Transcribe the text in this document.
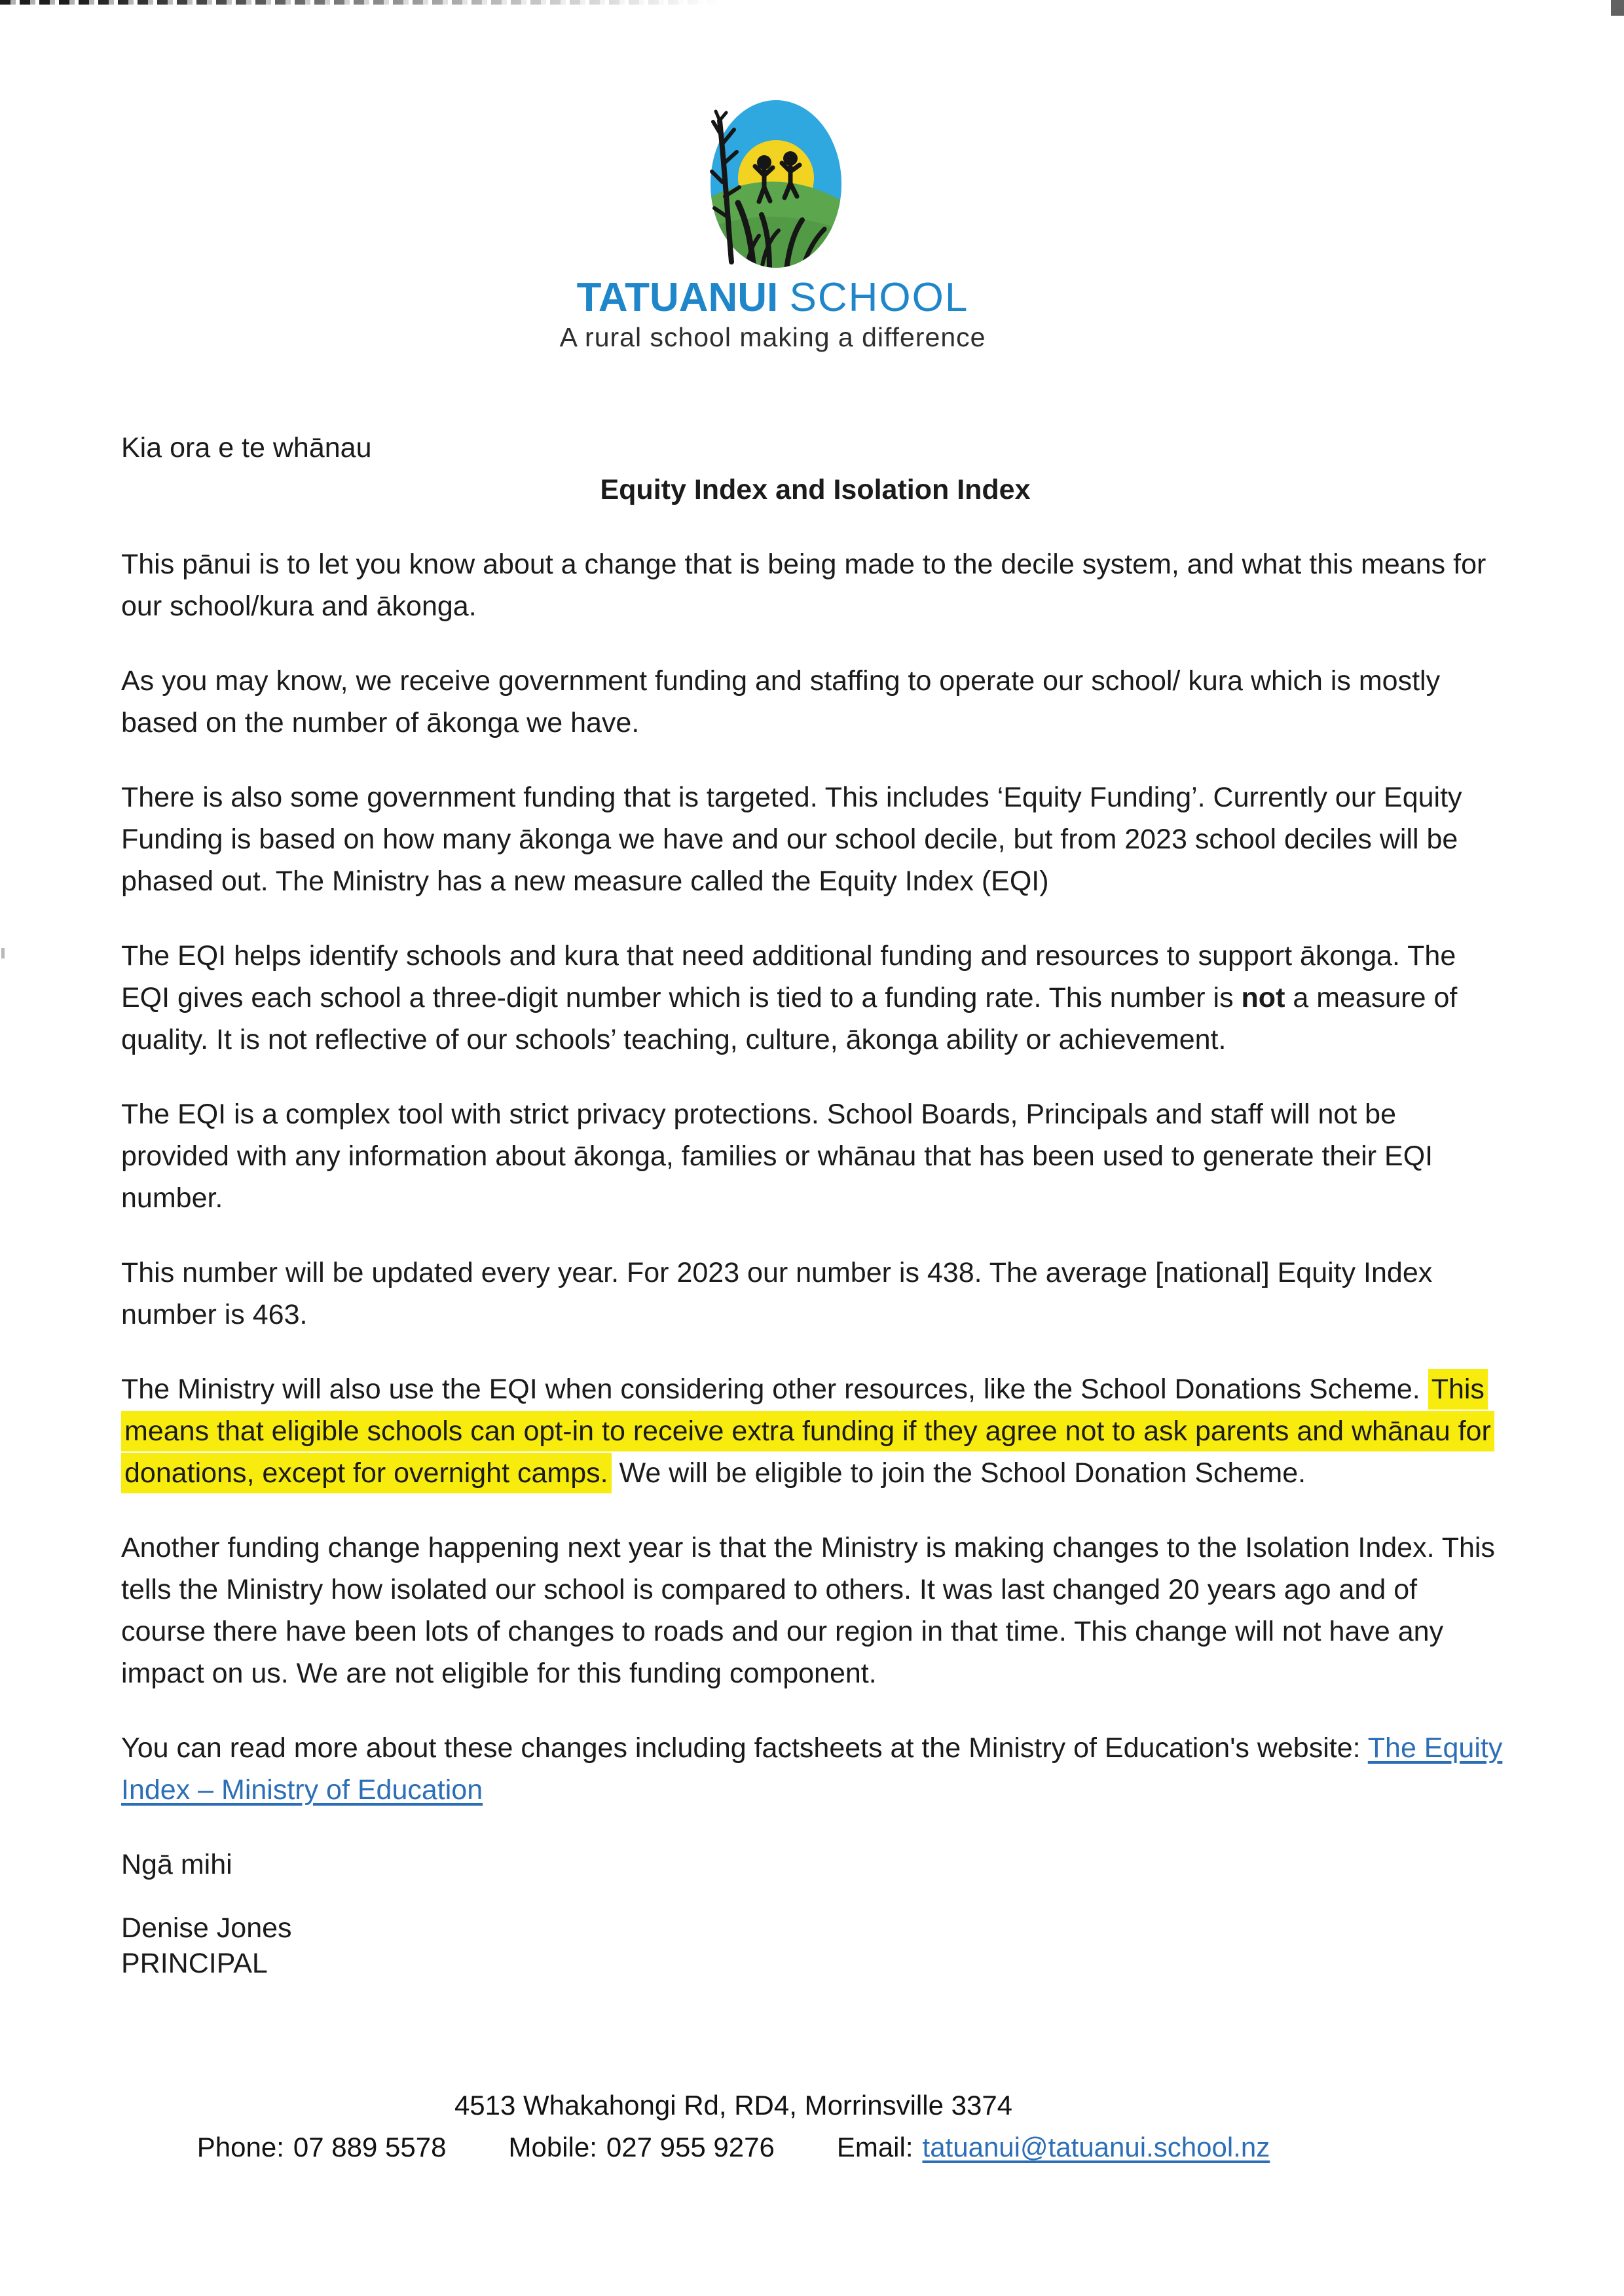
TATUANUI SCHOOL
A rural school making a difference

Kia ora e te whānau

Equity Index and Isolation Index

This pānui is to let you know about a change that is being made to the decile system, and what this means for our school/kura and ākonga.

As you may know, we receive government funding and staffing to operate our school/ kura which is mostly based on the number of ākonga we have.

There is also some government funding that is targeted. This includes ‘Equity Funding’. Currently our Equity Funding is based on how many ākonga we have and our school decile, but from 2023 school deciles will be phased out. The Ministry has a new measure called the Equity Index (EQI)

The EQI helps identify schools and kura that need additional funding and resources to support ākonga. The EQI gives each school a three-digit number which is tied to a funding rate. This number is not a measure of quality. It is not reflective of our schools’ teaching, culture, ākonga ability or achievement.

The EQI is a complex tool with strict privacy protections. School Boards, Principals and staff will not be provided with any information about ākonga, families or whānau that has been used to generate their EQI number.

This number will be updated every year. For 2023 our number is 438. The average [national] Equity Index number is 463.

The Ministry will also use the EQI when considering other resources, like the School Donations Scheme. This means that eligible schools can opt-in to receive extra funding if they agree not to ask parents and whānau for donations, except for overnight camps. We will be eligible to join the School Donation Scheme.

Another funding change happening next year is that the Ministry is making changes to the Isolation Index. This tells the Ministry how isolated our school is compared to others. It was last changed 20 years ago and of course there have been lots of changes to roads and our region in that time. This change will not have any impact on us. We are not eligible for this funding component.

You can read more about these changes including factsheets at the Ministry of Education's website: The Equity Index – Ministry of Education

Ngā mihi

Denise Jones
PRINCIPAL

4513 Whakahongi Rd, RD4, Morrinsville 3374
Phone: 07 889 5578 Mobile: 027 955 9276 Email: tatuanui@tatuanui.school.nz
